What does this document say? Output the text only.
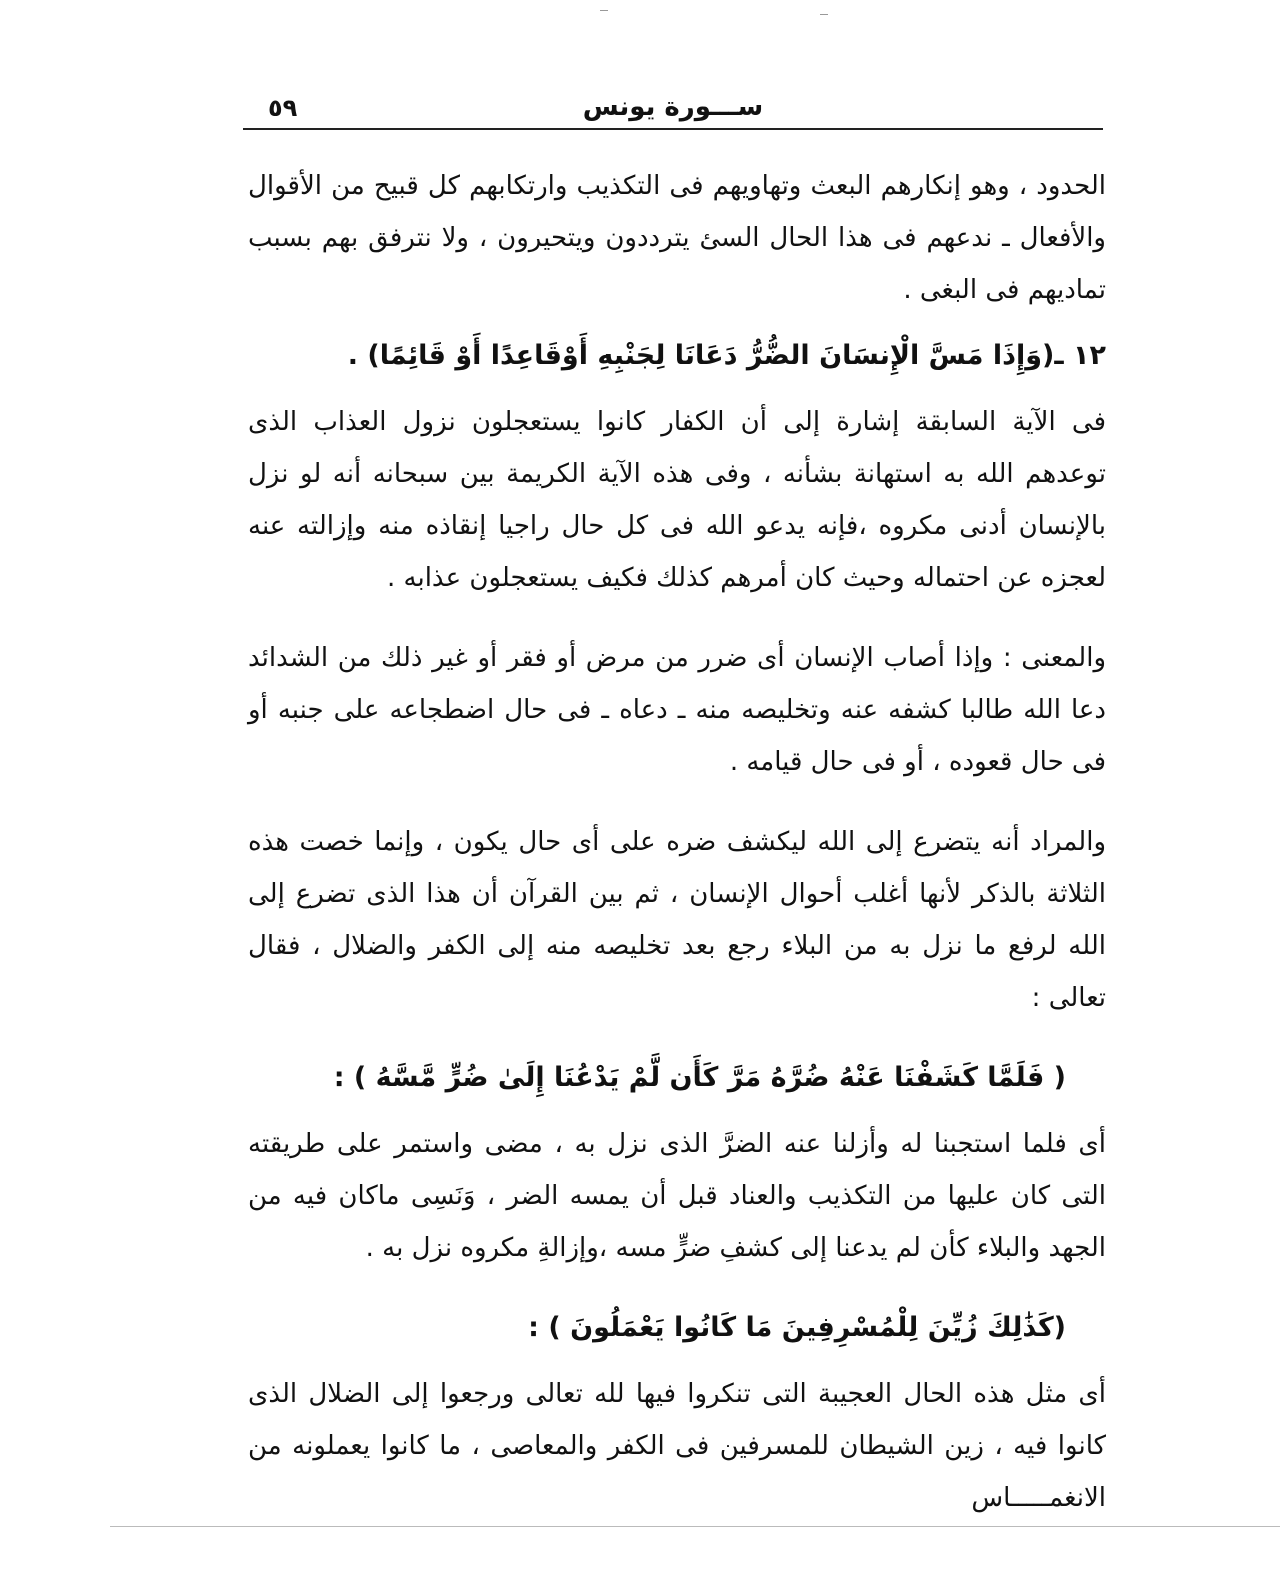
٥٩	ســـورة يونس

الحدود ، وهو إنكارهم البعث وتهاويهم فى التكذيب وارتكابهم كل قبيح من الأقوال والأفعال ـ ندعهم فى هذا الحال السئ يترددون ويتحيرون ، ولا نترفق بهم بسبب تماديهم فى البغى .

١٢ ـ(وَإِذَا مَسَّ الْإِنسَانَ الضُّرُّ دَعَانَا لِجَنْبِهِ أَوْقَاعِدًا أَوْ قَائِمًا) .

فى الآية السابقة إشارة إلى أن الكفار كانوا يستعجلون نزول العذاب الذى توعدهم الله به استهانة بشأنه ، وفى هذه الآية الكريمة بين سبحانه أنه لو نزل بالإنسان أدنى مكروه ،فإنه يدعو الله فى كل حال راجيا إنقاذه منه وإزالته عنه لعجزه عن احتماله وحيث كان أمرهم كذلك فكيف يستعجلون عذابه .

والمعنى : وإذا أصاب الإنسان أى ضرر من مرض أو فقر أو غير ذلك من الشدائد دعا الله طالبا كشفه عنه وتخليصه منه ـ دعاه ـ فى حال اضطجاعه على جنبه أو فى حال قعوده ، أو فى حال قيامه .

والمراد أنه يتضرع إلى الله ليكشف ضره على أى حال يكون ، وإنما خصت هذه الثلاثة بالذكر لأنها أغلب أحوال الإنسان ، ثم بين القرآن أن هذا الذى تضرع إلى الله لرفع ما نزل به من البلاء رجع بعد تخليصه منه إلى الكفر والضلال ، فقال تعالى :

( فَلَمَّا كَشَفْنَا عَنْهُ ضُرَّهُ مَرَّ كَأَن لَّمْ يَدْعُنَا إِلَىٰ ضُرٍّ مَّسَّهُ ) :

أى فلما استجبنا له وأزلنا عنه الضرَّ الذى نزل به ، مضى واستمر على طريقته التى كان عليها من التكذيب والعناد قبل أن يمسه الضر ، وَنَسِى ماكان فيه من الجهد والبلاء كأن لم يدعنا إلى كشفِ ضرٍّ مسه ،وإزالةِ مكروه نزل به .

(كَذَٰلِكَ زُيِّنَ لِلْمُسْرِفِينَ مَا كَانُوا يَعْمَلُونَ ) :

أى مثل هذه الحال العجيبة التى تنكروا فيها لله تعالى ورجعوا إلى الضلال الذى كانوا فيه ، زين الشيطان للمسرفين فى الكفر والمعاصى ، ما كانوا يعملونه من الانغمـــــاس
